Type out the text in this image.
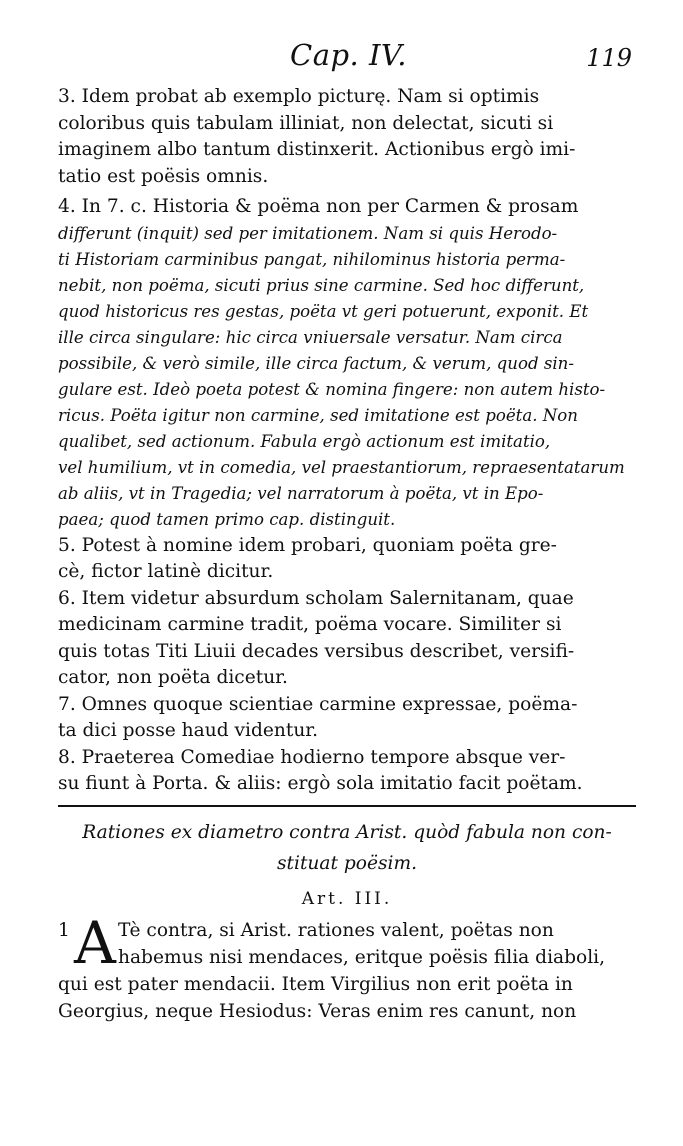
Cap. IV.	119
3. Idem probat ab exemplo picturę. Nam si optimis
coloribus quis tabulam illiniat, non delectat, sicuti si
imaginem albo tantum distinxerit. Actionibus ergò imi-
tatio est poësis omnis.
4. In 7. c. Historia & poëma non per Carmen & prosam
differunt (inquit) sed per imitationem. Nam si quis Herodo-
ti Historiam carminibus pangat, nihilominus historia perma-
nebit, non poëma, sicuti prius sine carmine. Sed hoc differunt,
quod historicus res gestas, poëta vt geri potuerunt, exponit. Et
ille circa singulare: hic circa vniuersale versatur. Nam circa
possibile, & verò simile, ille circa factum, & verum, quod sin-
gulare est. Ideò poeta potest & nomina fingere: non autem histo-
ricus. Poëta igitur non carmine, sed imitatione est poëta. Non
qualibet, sed actionum. Fabula ergò actionum est imitatio,
vel humilium, vt in comedia, vel praestantiorum, repraesentatarum
ab aliis, vt in Tragedia; vel narratorum à poëta, vt in Epo-
paea; quod tamen primo cap. distinguit.
5. Potest à nomine idem probari, quoniam poëta gre-
cè, fictor latinè dicitur.
6. Item videtur absurdum scholam Salernitanam, quae
medicinam carmine tradit, poëma vocare. Similiter si
quis totas Titi Liuii decades versibus describet, versifi-
cator, non poëta dicetur.
7. Omnes quoque scientiae carmine expressae, poëma-
ta dici posse haud videntur.
8. Praeterea Comediae hodierno tempore absque ver-
su fiunt à Porta. & aliis: ergò sola imitatio facit poëtam.
Rationes ex diametro contra Arist. quòd fabula non con-
stituat poësim.
Art. III.
1 A Tè contra, si Arist. rationes valent, poëtas non
habemus nisi mendaces, eritque poësis filia diaboli,
qui est pater mendacii. Item Virgilius non erit poëta in
Georgius, neque Hesiodus: Veras enim res canunt, non
